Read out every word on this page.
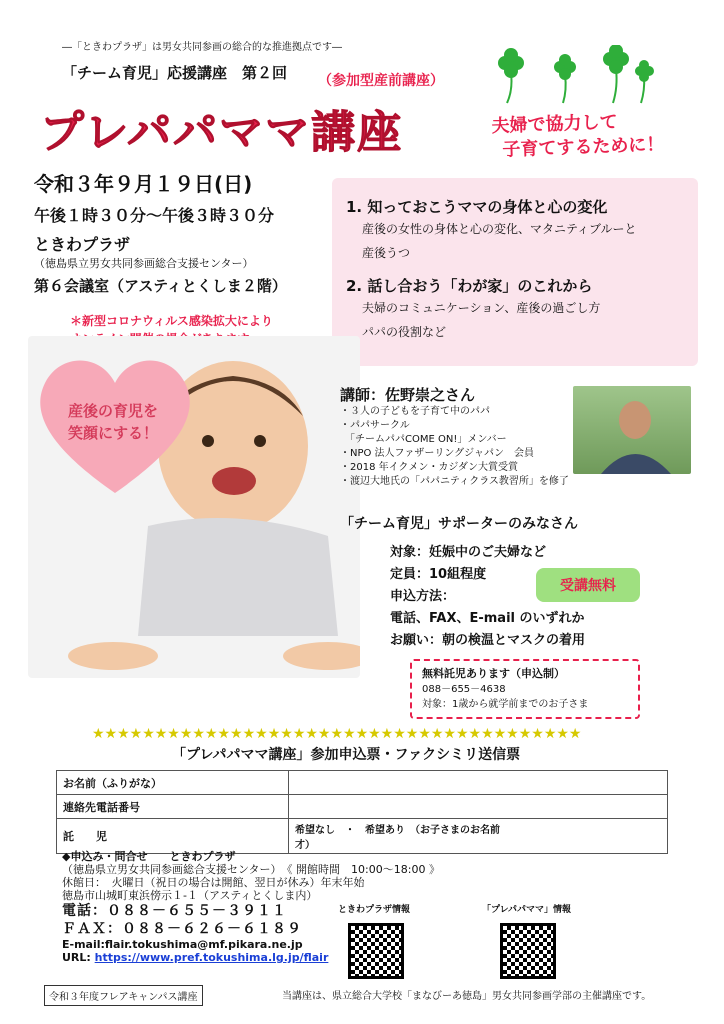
―「ときわプラザ」は男女共同参画の総合的な推進拠点です―
「チーム育児」応援講座　第２回 （参加型産前講座）
プレパパママ講座	夫婦で協力して
子育てするために！
令和３年９月１９日(日)
午後１時３０分～午後３時３０分
ときわプラザ
（徳島県立男女共同参画総合支援センター）
第６会議室（アスティとくしま２階）
＊新型コロナウィルス感染拡大により
1. 知っておこうママの身体と心の変化
産後の女性の身体と心の変化、マタニティブルーと
産後うつ
2. 話し合おう「わが家」のこれから
夫婦のコミュニケーション、産後の過ごし方
パパの役割など
産後の育児を
笑顔にする！
講師：佐野崇之さん
・３人の子どもを子育て中のパパ
・パパサークル
　「チームパパCOME ON!」メンバー
・NPO 法人ファザーリングジャパン　会員
・2018 年イクメン・カジダン大賞受賞
・渡辺大地氏の「パパニティクラス教習所」を修了
「チーム育児」サポーターのみなさん
対象：妊娠中のご夫婦など
定員：10組程度
申込方法：
電話、FAX、E-mail のいずれか
お願い：朝の検温とマスクの着用
受講無料
無料託児あります（申込制）
088－655－4638
対象：1歳から就学前までのお子さま
★★★★★★★★★★★★★★★★★★★★★★★★★★★★★★★★★★★★★★★
「プレパパママ講座」参加申込票・ファクシミリ送信票
お名前（ふりがな）	
連絡先電話番号	
託　　児	希望なし　・　希望あり　（お子さまのお名前　　　　　　　　　　　　　　　才）
◆申込み・問合せ　　ときわプラザ
（徳島県立男女共同参画総合支援センター）　《 開館時間　10:00～18:00 》
休館日：　火曜日（祝日の場合は開館、翌日が休み）年末年始
徳島市山城町東浜傍示１-１（アスティとくしま内）
電話：０８８－６５５－３９１１
ＦＡＸ：０８８－６２６－６１８９
E-mail:flair.tokushima@mf.pikara.ne.jp
URL: https://www.pref.tokushima.lg.jp/flair
ときわプラザ情報	「プレパパママ」情報
令和３年度フレアキャンパス講座	当講座は、県立総合大学校「まなびーあ徳島」男女共同参画学部の主催講座です。
